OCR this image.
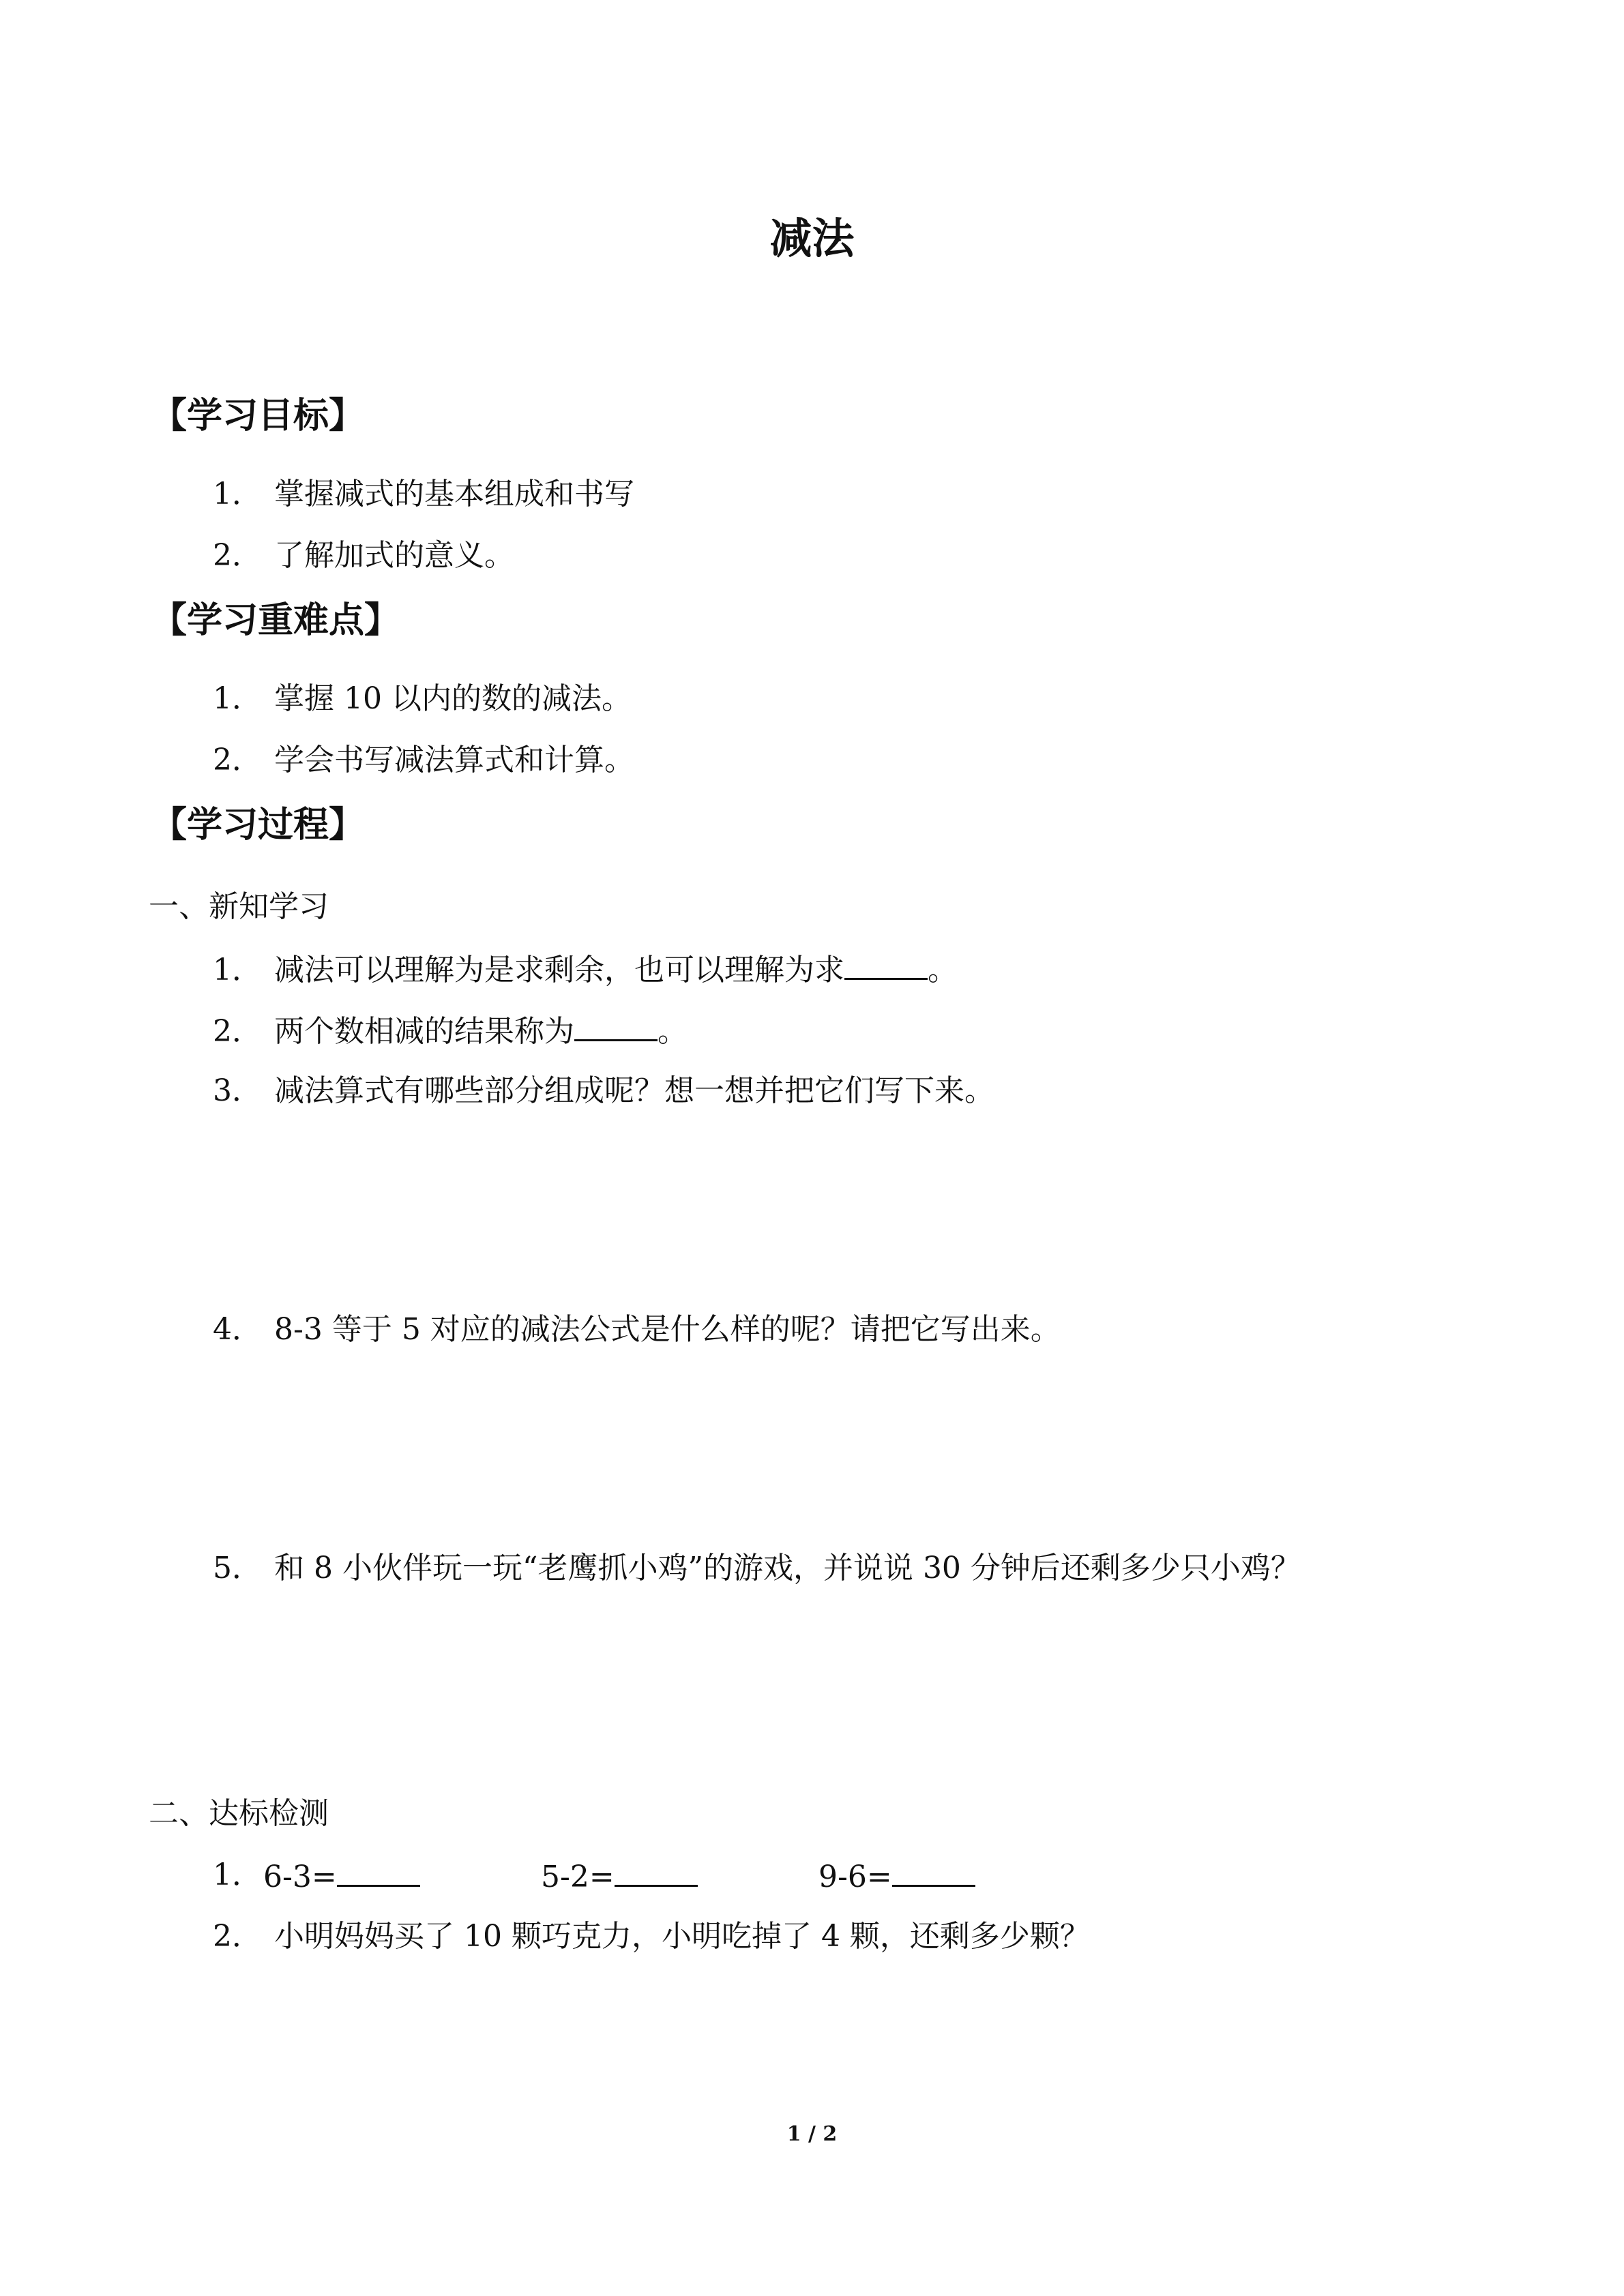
减法
【学习目标】

1． 掌握减式的基本组成和书写

2． 了解加式的意义。

【学习重难点】

1． 掌握 10 以内的数的减法。

2． 学会书写减法算式和计算。

【学习过程】

一、新知学习

1． 减法可以理解为是求剩余，也可以理解为求	。

2． 两个数相减的结果称为	。

3． 减法算式有哪些部分组成呢？想一想并把它们写下来。

4． 8-3 等于 5 对应的减法公式是什么样的呢？请把它写出来。

5． 和 8 小伙伴玩一玩“老鹰抓小鸡”的游戏，并说说 30 分钟后还剩多少只小鸡？

二、达标检测

1． 6-3=	5-2=	9-6=

2． 小明妈妈买了 10 颗巧克力，小明吃掉了 4 颗，还剩多少颗？

1 / 2
